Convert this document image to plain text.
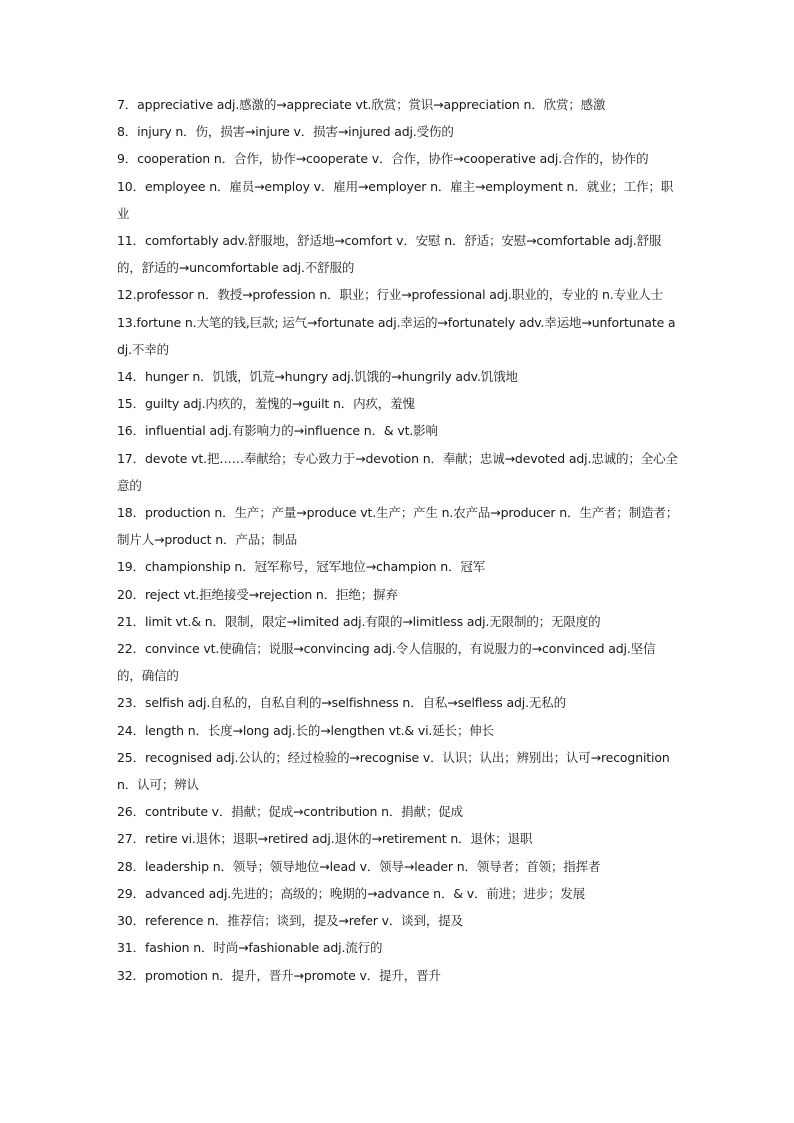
7．appreciative adj.感激的→appreciate vt.欣赏；赏识→appreciation n．欣赏；感激
8．injury n．伤，损害→injure v．损害→injured adj.受伤的
9．cooperation n．合作，协作→cooperate v．合作，协作→cooperative adj.合作的，协作的
10．employee n．雇员→employ v．雇用→employer n．雇主→employment n．就业；工作；职业
11．comfortably adv.舒服地，舒适地→comfort v．安慰 n．舒适；安慰→comfortable adj.舒服的，舒适的→uncomfortable adj.不舒服的
12.professor n．教授→profession n．职业；行业→professional adj.职业的，专业的 n.专业人士
13.fortune n.大笔的钱,巨款; 运气→fortunate adj.幸运的→fortunately adv.幸运地→unfortunate adj.不幸的
14．hunger n．饥饿，饥荒→hungry adj.饥饿的→hungrily adv.饥饿地
15．guilty adj.内疚的，羞愧的→guilt n．内疚，羞愧
16．influential adj.有影响力的→influence n．& vt.影响
17．devote vt.把……奉献给；专心致力于→devotion n．奉献；忠诚→devoted adj.忠诚的；全心全意的
18．production n．生产；产量→produce vt.生产；产生 n.农产品→producer n．生产者；制造者；制片人→product n．产品；制品
19．championship n．冠军称号，冠军地位→champion n．冠军
20．reject vt.拒绝接受→rejection n．拒绝；摒弃
21．limit vt.& n．限制，限定→limited adj.有限的→limitless adj.无限制的；无限度的
22．convince vt.使确信；说服→convincing adj.令人信服的，有说服力的→convinced adj.坚信的，确信的
23．selfish adj.自私的，自私自利的→selfishness n．自私→selfless adj.无私的
24．length n．长度→long adj.长的→lengthen vt.& vi.延长；伸长
25．recognised adj.公认的；经过检验的→recognise v．认识；认出；辨别出；认可→recognition n．认可；辨认
26．contribute v．捐献；促成→contribution n．捐献；促成
27．retire vi.退休；退职→retired adj.退休的→retirement n．退休；退职
28．leadership n．领导；领导地位→lead v．领导→leader n．领导者；首领；指挥者
29．advanced adj.先进的；高级的；晚期的→advance n．& v．前进；进步；发展
30．reference n．推荐信；谈到，提及→refer v．谈到，提及
31．fashion n．时尚→fashionable adj.流行的
32．promotion n．提升，晋升→promote v．提升，晋升
